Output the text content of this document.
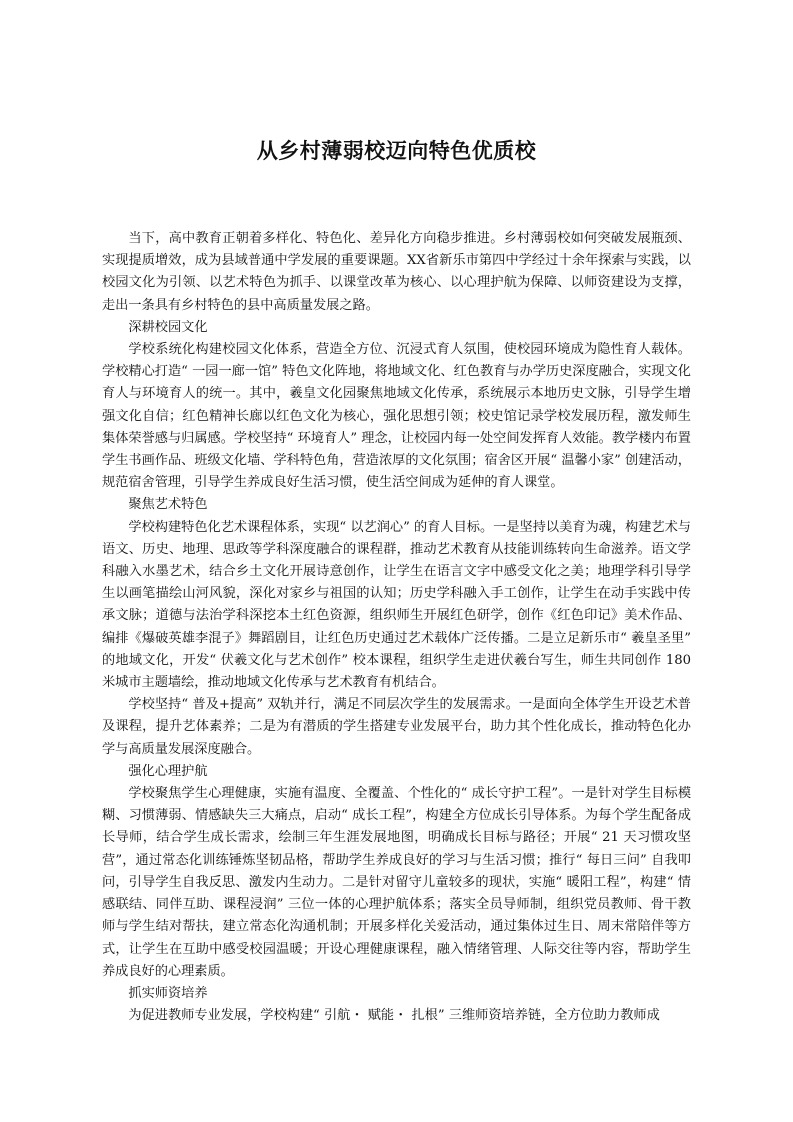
从乡村薄弱校迈向特色优质校

当下，高中教育正朝着多样化、特色化、差异化方向稳步推进。乡村薄弱校如何突破发展瓶颈、实现提质增效，成为县域普通中学发展的重要课题。XX省新乐市第四中学经过十余年探索与实践，以校园文化为引领、以艺术特色为抓手、以课堂改革为核心、以心理护航为保障、以师资建设为支撑，走出一条具有乡村特色的县中高质量发展之路。

深耕校园文化

学校系统化构建校园文化体系，营造全方位、沉浸式育人氛围，使校园环境成为隐性育人载体。学校精心打造“ 一园一廊一馆” 特色文化阵地，将地域文化、红色教育与办学历史深度融合，实现文化育人与环境育人的统一。其中，羲皇文化园聚焦地域文化传承，系统展示本地历史文脉，引导学生增强文化自信；红色精神长廊以红色文化为核心，强化思想引领；校史馆记录学校发展历程，激发师生集体荣誉感与归属感。学校坚持“ 环境育人” 理念，让校园内每一处空间发挥育人效能。教学楼内布置学生书画作品、班级文化墙、学科特色角，营造浓厚的文化氛围；宿舍区开展“ 温馨小家” 创建活动，规范宿舍管理，引导学生养成良好生活习惯，使生活空间成为延伸的育人课堂。

聚焦艺术特色

学校构建特色化艺术课程体系，实现“ 以艺润心” 的育人目标。一是坚持以美育为魂，构建艺术与语文、历史、地理、思政等学科深度融合的课程群，推动艺术教育从技能训练转向生命滋养。语文学科融入水墨艺术，结合乡土文化开展诗意创作，让学生在语言文字中感受文化之美；地理学科引导学生以画笔描绘山河风貌，深化对家乡与祖国的认知；历史学科融入手工创作，让学生在动手实践中传承文脉；道德与法治学科深挖本土红色资源，组织师生开展红色研学，创作《红色印记》美术作品、编排《爆破英雄李混子》舞蹈剧目，让红色历史通过艺术载体广泛传播。二是立足新乐市“ 羲皇圣里” 的地域文化，开发“ 伏羲文化与艺术创作” 校本课程，组织学生走进伏羲台写生，师生共同创作 180 米城市主题墙绘，推动地域文化传承与艺术教育有机结合。

学校坚持“ 普及+提高” 双轨并行，满足不同层次学生的发展需求。一是面向全体学生开设艺术普及课程，提升艺体素养；二是为有潜质的学生搭建专业发展平台，助力其个性化成长，推动特色化办学与高质量发展深度融合。

强化心理护航

学校聚焦学生心理健康，实施有温度、全覆盖、个性化的“ 成长守护工程”。一是针对学生目标模糊、习惯薄弱、情感缺失三大痛点，启动“ 成长工程”，构建全方位成长引导体系。为每个学生配备成长导师，结合学生成长需求，绘制三年生涯发展地图，明确成长目标与路径；开展“ 21 天习惯攻坚营”，通过常态化训练锤炼坚韧品格，帮助学生养成良好的学习与生活习惯；推行“ 每日三问” 自我叩问，引导学生自我反思、激发内生动力。二是针对留守儿童较多的现状，实施“ 暖阳工程”，构建“ 情感联结、同伴互助、课程浸润” 三位一体的心理护航体系；落实全员导师制，组织党员教师、骨干教师与学生结对帮扶，建立常态化沟通机制；开展多样化关爱活动，通过集体过生日、周末常陪伴等方式，让学生在互助中感受校园温暖；开设心理健康课程，融入情绪管理、人际交往等内容，帮助学生养成良好的心理素质。

抓实师资培养

为促进教师专业发展，学校构建“ 引航・ 赋能・ 扎根” 三维师资培养链，全方位助力教师成
